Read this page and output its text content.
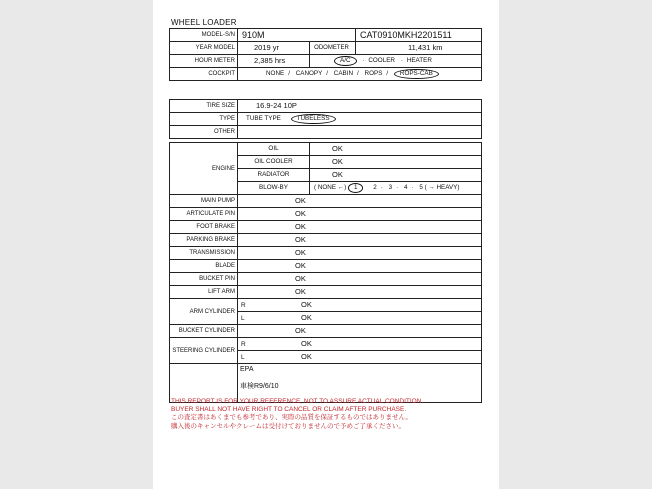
WHEEL LOADER
MODEL-S/N	910M		CAT0910MKH2201511
YEAR MODEL	2019 yr	ODOMETER	11,431 km
HOUR METER	2,385 hrs	A/C · COOLER · HEATER	
COCKPIT	NONE / CANOPY / CABIN / ROPS / ROPS-CAB		
TIRE SIZE	16.9-24 10P
TYPE	TUBE TYPE TUBELESS
OTHER	
ENGINE	OIL	OK
	OIL COOLER	OK
	RADIATOR	OK
	BLOW-BY	( NONE ←) 1 2 · 3 · 4 · 5 ( → HEAVY)
MAIN PUMP	OK	
ARTICULATE PIN	OK	
FOOT BRAKE	OK	
PARKING BRAKE	OK	
TRANSMISSION	OK	
BLADE	OK	
BUCKET PIN	OK	
LIFT ARM	OK	
ARM CYLINDER	R OK	
	L OK	
BUCKET CYLINDER	OK	
STEERING CYLINDER	R OK	
	L OK	

	EPA
車検R9/6/10	
THIS REPORT IS FOR YOUR REFERENCE, NOT TO ASSURE ACTUAL CONDITION.
BUYER SHALL NOT HAVE RIGHT TO CANCEL OR CLAIM AFTER PURCHASE.
この査定書はあくまでも参考であり、実際の品質を保証するものではありません。
購入後のキャンセルやクレームは受付けておりませんので予めご了承ください。
